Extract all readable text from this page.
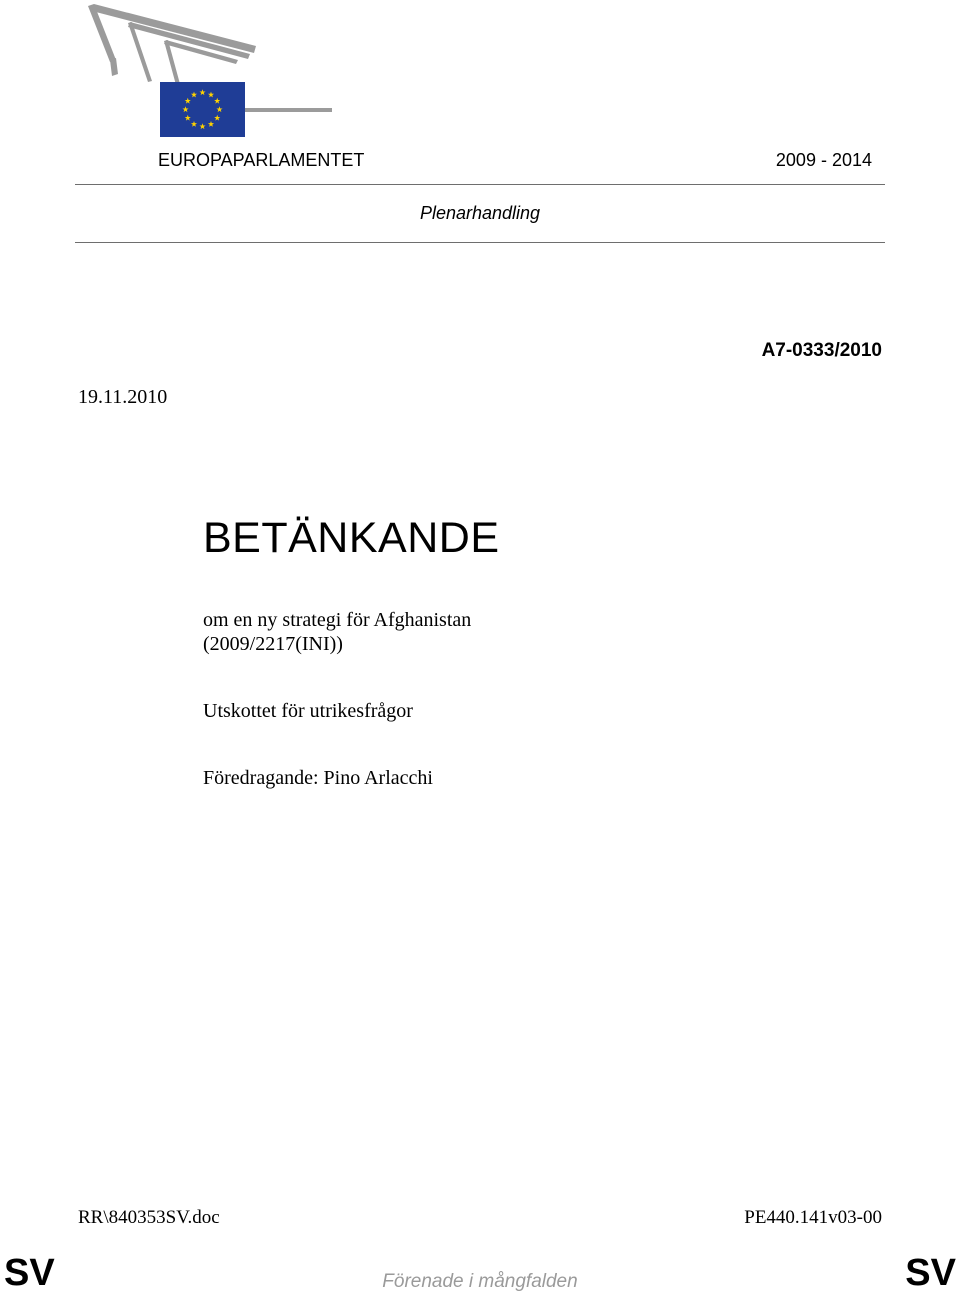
EUROPAPARLAMENTET	2009 - 2014
Plenarhandling
A7-0333/2010
19.11.2010
BETÄNKANDE
om en ny strategi för Afghanistan
(2009/2217(INI))
Utskottet för utrikesfrågor
Föredragande: Pino Arlacchi
RR\840353SV.doc	PE440.141v03-00
SV	SV
Förenade i mångfalden
